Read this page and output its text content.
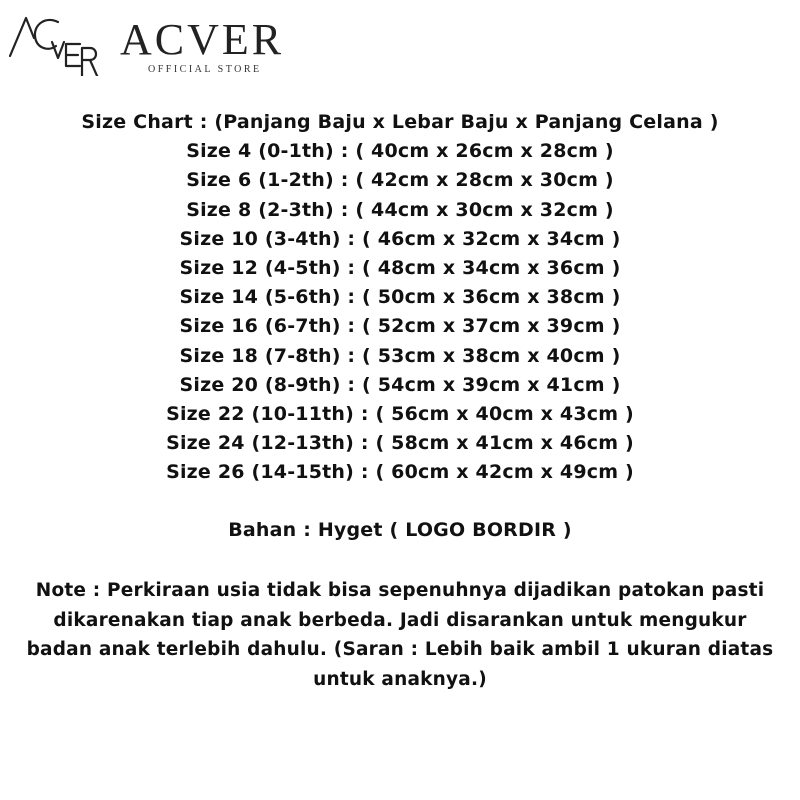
ACVER
OFFICIAL STORE
Size Chart : (Panjang Baju x Lebar Baju x Panjang Celana )
Size 4 (0-1th) : ( 40cm x 26cm x 28cm )
Size 6 (1-2th) : ( 42cm x 28cm x 30cm )
Size 8 (2-3th) : ( 44cm x 30cm x 32cm )
Size 10 (3-4th) : ( 46cm x 32cm x 34cm )
Size 12 (4-5th) : ( 48cm x 34cm x 36cm )
Size 14 (5-6th) : ( 50cm x 36cm x 38cm )
Size 16 (6-7th) : ( 52cm x 37cm x 39cm )
Size 18 (7-8th) : ( 53cm x 38cm x 40cm )
Size 20 (8-9th) : ( 54cm x 39cm x 41cm )
Size 22 (10-11th) : ( 56cm x 40cm x 43cm )
Size 24 (12-13th) : ( 58cm x 41cm x 46cm )
Size 26 (14-15th) : ( 60cm x 42cm x 49cm )
Bahan : Hyget ( LOGO BORDIR )
Note : Perkiraan usia tidak bisa sepenuhnya dijadikan patokan pasti
dikarenakan tiap anak berbeda. Jadi disarankan untuk mengukur
badan anak terlebih dahulu. (Saran : Lebih baik ambil 1 ukuran diatas
untuk anaknya.)
